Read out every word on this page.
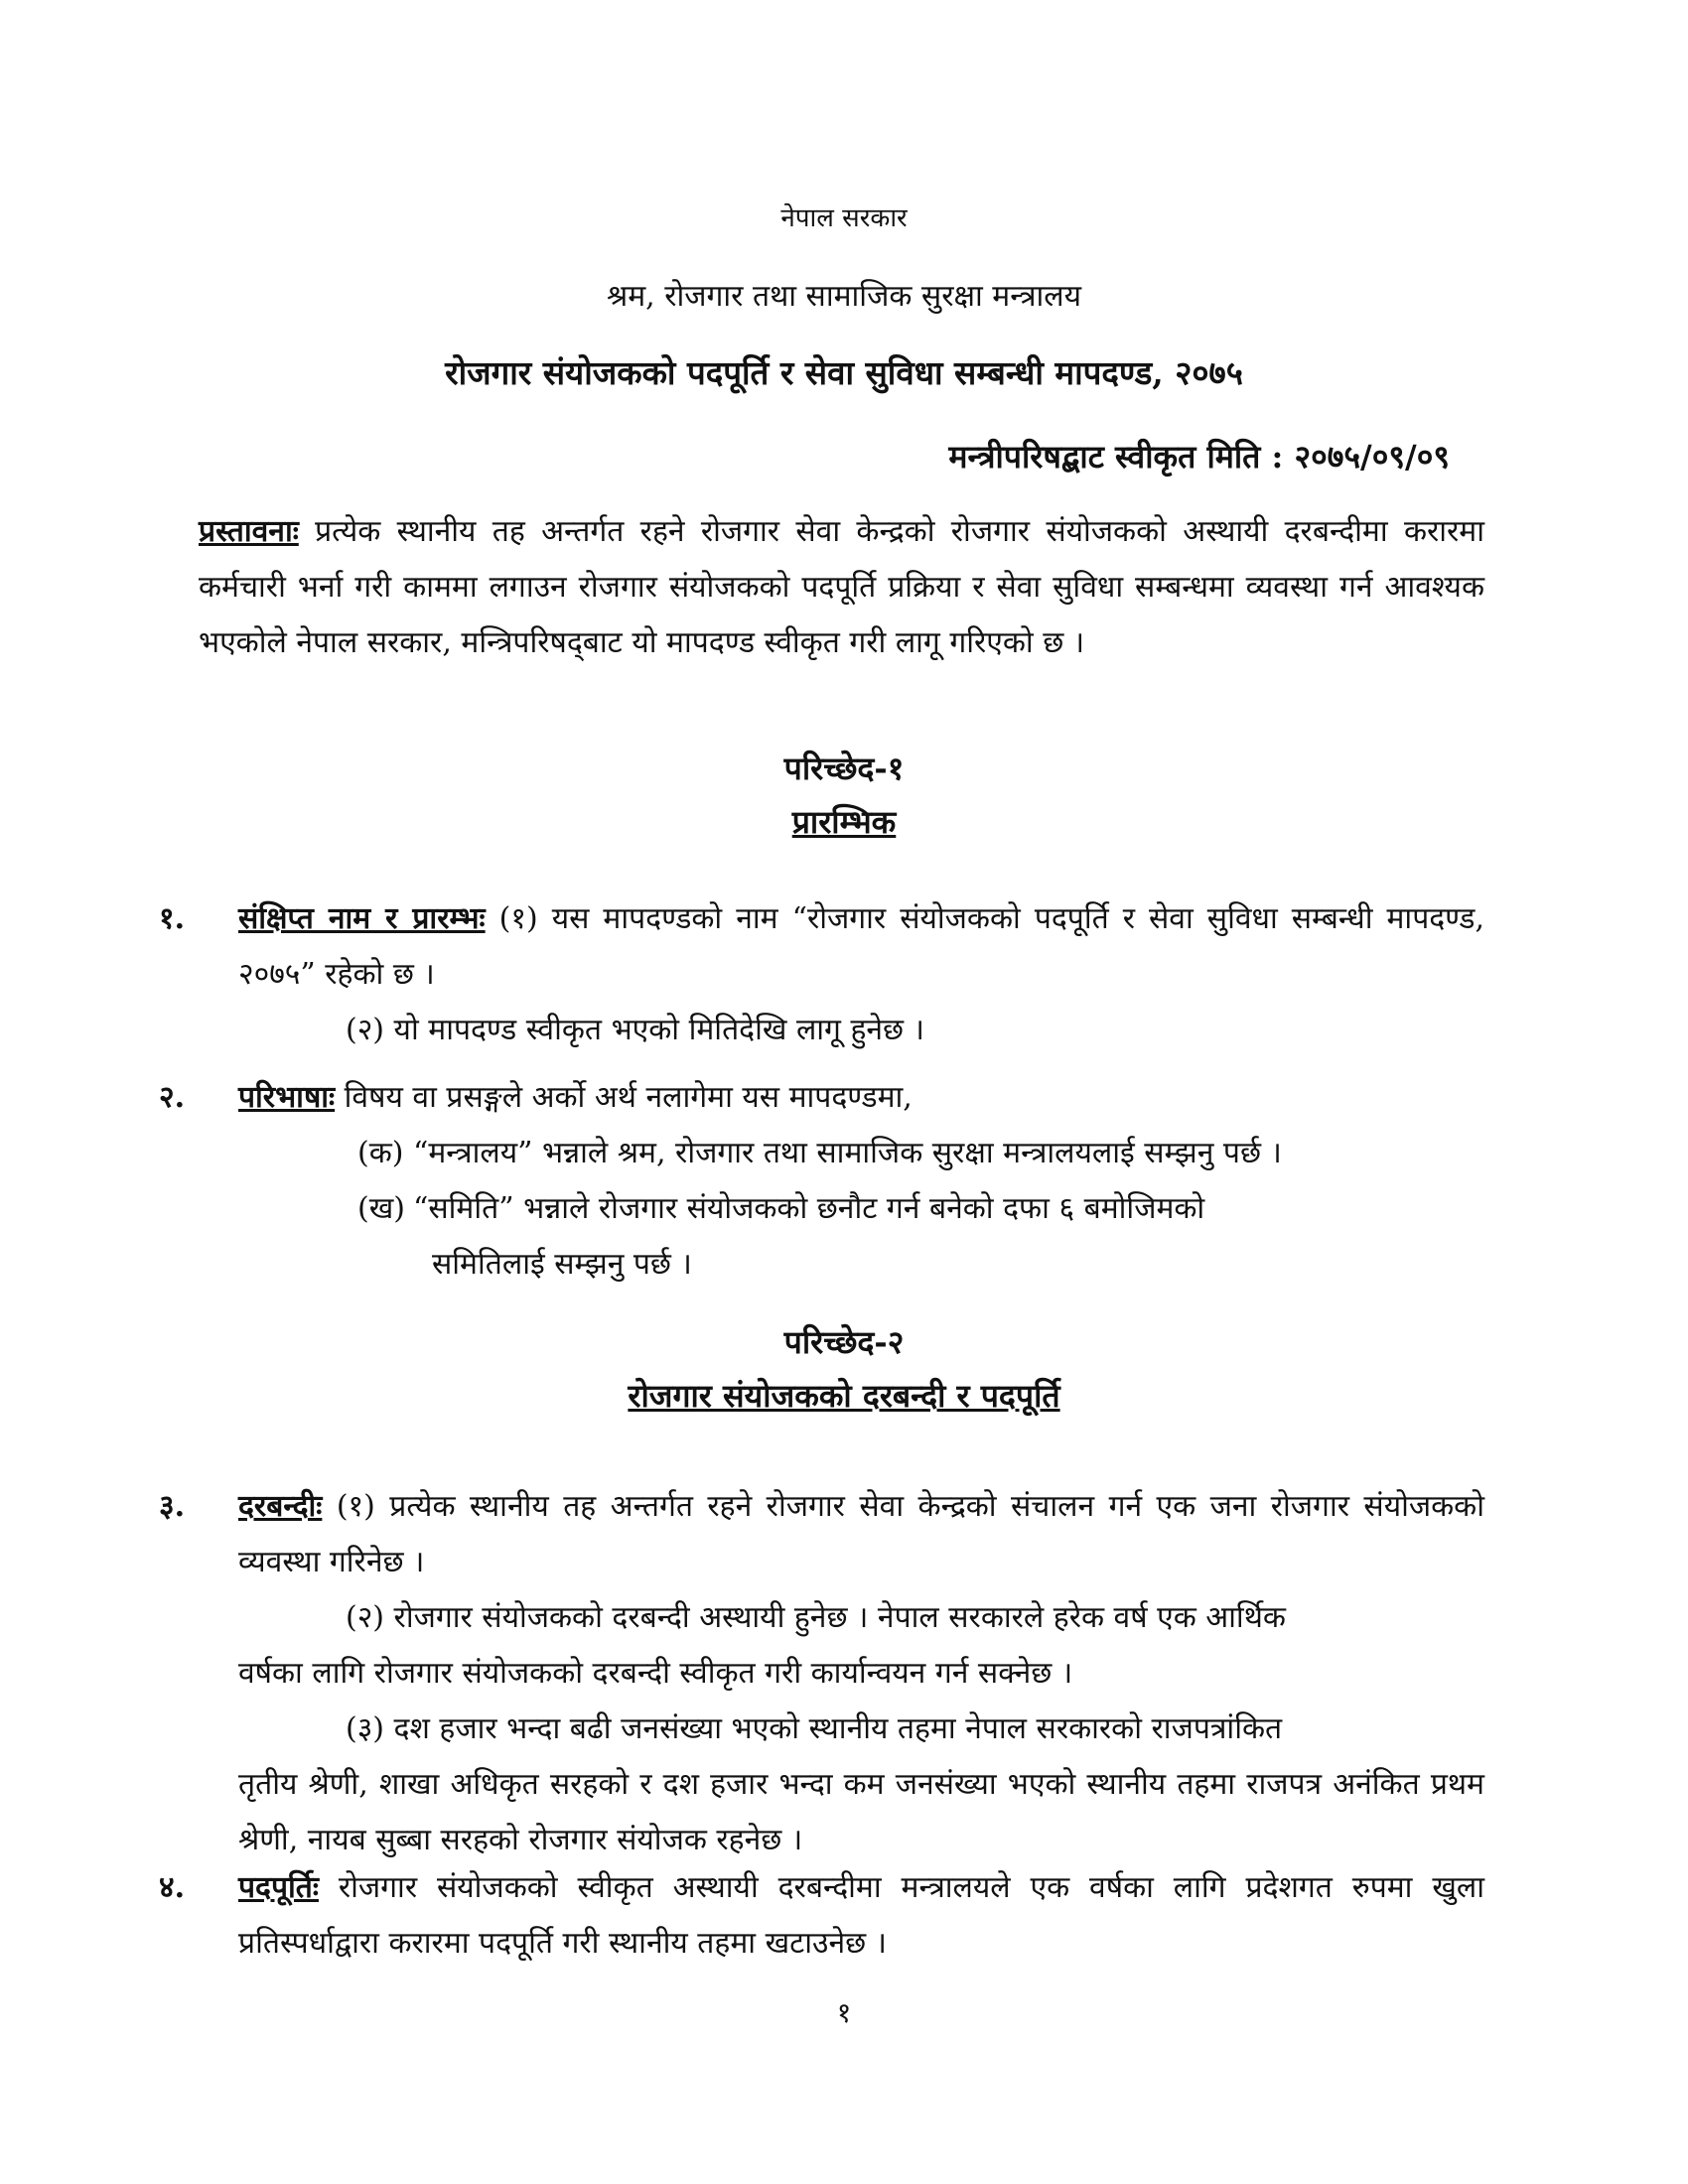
नेपाल सरकार
श्रम, रोजगार तथा सामाजिक सुरक्षा मन्त्रालय
रोजगार संयोजकको पदपूर्ति र सेवा सुविधा सम्बन्धी मापदण्ड, २०७५
मन्त्रीपरिषद्बाट स्वीकृत मिति : २०७५/०९/०९
प्रस्तावनाः प्रत्येक स्थानीय तह अन्तर्गत रहने रोजगार सेवा केन्द्रको रोजगार संयोजकको अस्थायी दरबन्दीमा करारमा कर्मचारी भर्ना गरी काममा लगाउन रोजगार संयोजकको पदपूर्ति प्रक्रिया र सेवा सुविधा सम्बन्धमा व्यवस्था गर्न आवश्यक भएकोले नेपाल सरकार, मन्त्रिपरिषद्‌बाट यो मापदण्ड स्वीकृत गरी लागू गरिएको छ ।
परिच्छेद-१
प्रारम्भिक
१. संक्षिप्त नाम र प्रारम्भः (१) यस मापदण्डको नाम “रोजगार संयोजकको पदपूर्ति र सेवा सुविधा सम्बन्धी मापदण्ड, २०७५” रहेको छ ।
(२) यो मापदण्ड स्वीकृत भएको मितिदेखि लागू हुनेछ ।
२. परिभाषाः विषय वा प्रसङ्गले अर्को अर्थ नलागेमा यस मापदण्डमा,
(क) “मन्त्रालय” भन्नाले श्रम, रोजगार तथा सामाजिक सुरक्षा मन्त्रालयलाई सम्झनु पर्छ ।
(ख) “समिति” भन्नाले रोजगार संयोजकको छनौट गर्न बनेको दफा ६ बमोजिमको
समितिलाई सम्झनु पर्छ ।
परिच्छेद-२
रोजगार संयोजकको दरबन्दी र पदपूर्ति
३. दरबन्दीः (१) प्रत्येक स्थानीय तह अन्तर्गत रहने रोजगार सेवा केन्द्रको संचालन गर्न एक जना रोजगार संयोजकको व्यवस्था गरिनेछ ।
(२) रोजगार संयोजकको दरबन्दी अस्थायी हुनेछ । नेपाल सरकारले हरेक वर्ष एक आर्थिक
वर्षका लागि रोजगार संयोजकको दरबन्दी स्वीकृत गरी कार्यान्वयन गर्न सक्नेछ ।
(३) दश हजार भन्दा बढी जनसंख्या भएको स्थानीय तहमा नेपाल सरकारको राजपत्रांकित
तृतीय श्रेणी, शाखा अधिकृत सरहको र दश हजार भन्दा कम जनसंख्या भएको स्थानीय तहमा राजपत्र अनंकित प्रथम श्रेणी, नायब सुब्बा सरहको रोजगार संयोजक रहनेछ ।
४. पदपूर्तिः रोजगार संयोजकको स्वीकृत अस्थायी दरबन्दीमा मन्त्रालयले एक वर्षका लागि प्रदेशगत रुपमा खुला प्रतिस्पर्धाद्वारा करारमा पदपूर्ति गरी स्थानीय तहमा खटाउनेछ ।
१
